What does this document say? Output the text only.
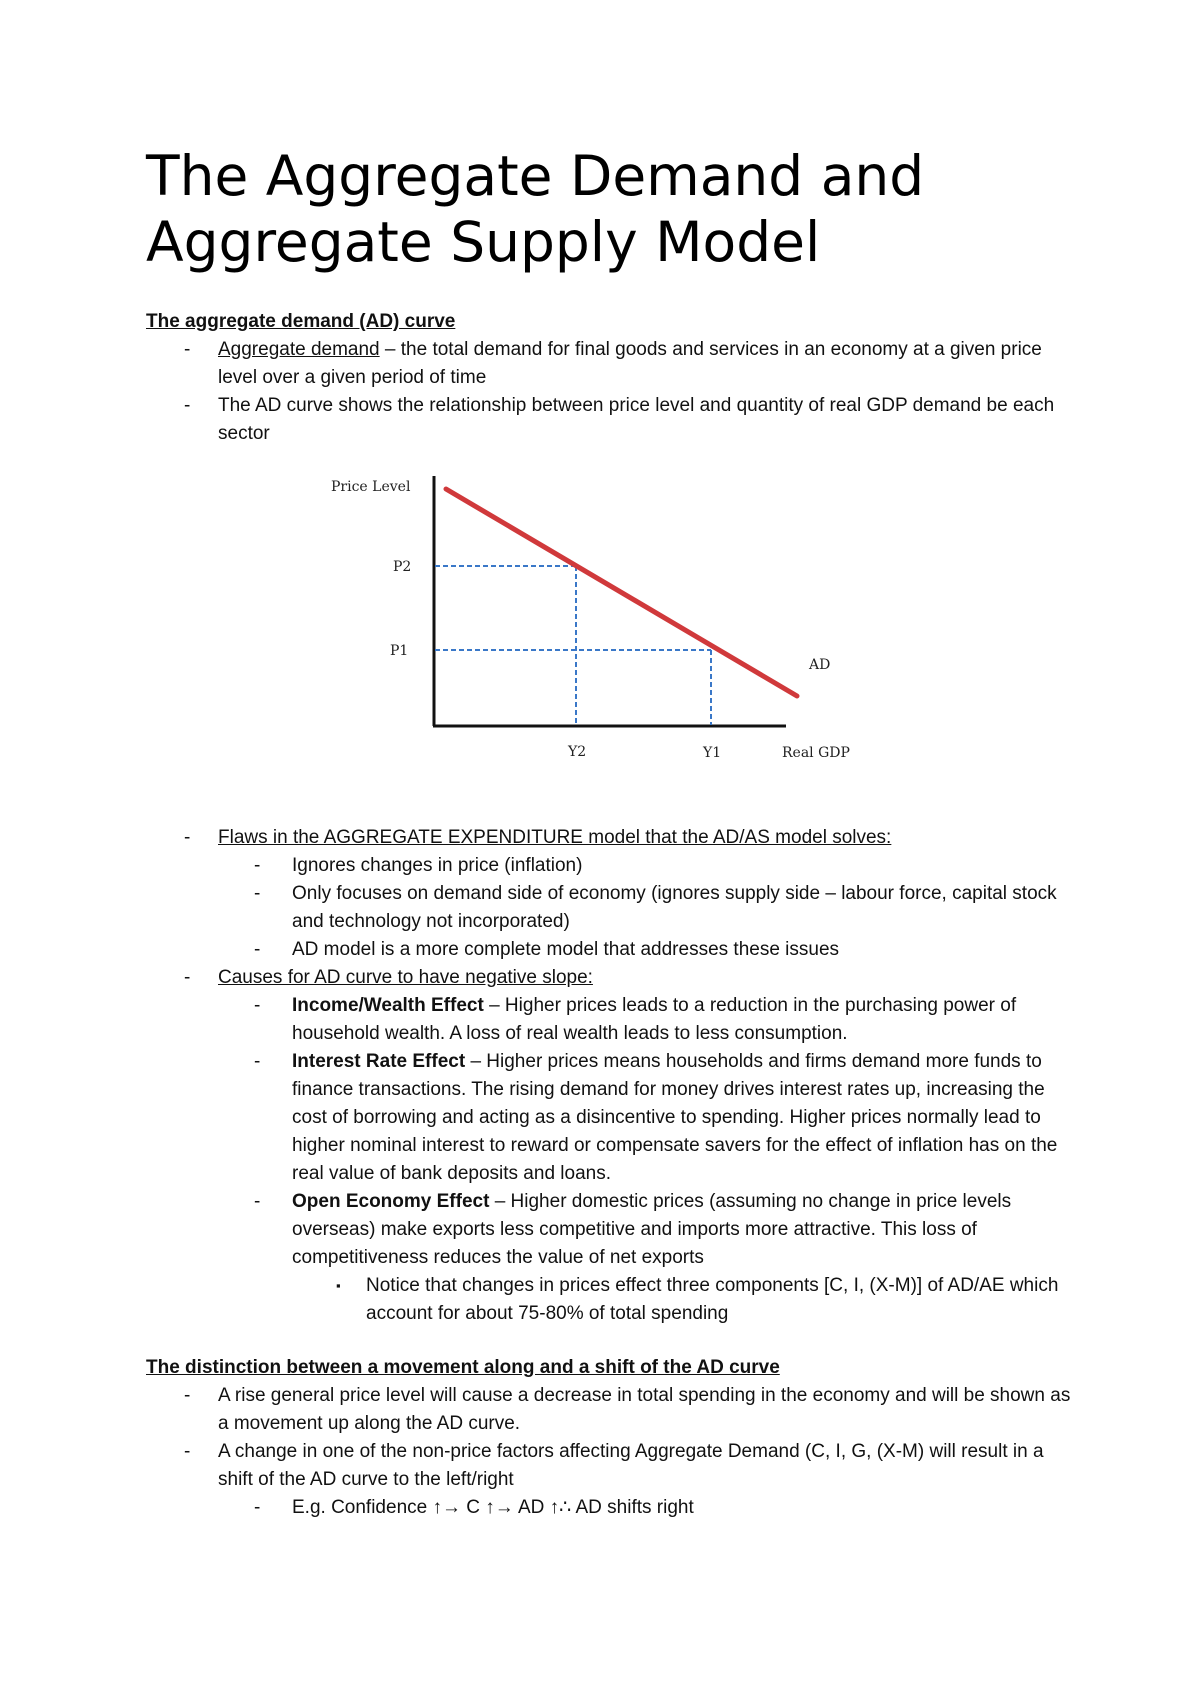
The Aggregate Demand and Aggregate Supply Model

The aggregate demand (AD) curve

- Aggregate demand – the total demand for final goods and services in an economy at a given price level over a given period of time

- The AD curve shows the relationship between price level and quantity of real GDP demand be each sector

Price Level
P2
P1
AD
Y2	Y1	Real GDP

- Flaws in the AGGREGATE EXPENDITURE model that the AD/AS model solves:

- Ignores changes in price (inflation)

- Only focuses on demand side of economy (ignores supply side – labour force, capital stock and technology not incorporated)

- AD model is a more complete model that addresses these issues

- Causes for AD curve to have negative slope:

- Income/Wealth Effect – Higher prices leads to a reduction in the purchasing power of household wealth. A loss of real wealth leads to less consumption.

- Interest Rate Effect – Higher prices means households and firms demand more funds to finance transactions. The rising demand for money drives interest rates up, increasing the cost of borrowing and acting as a disincentive to spending. Higher prices normally lead to higher nominal interest to reward or compensate savers for the effect of inflation has on the real value of bank deposits and loans.

- Open Economy Effect – Higher domestic prices (assuming no change in price levels overseas) make exports less competitive and imports more attractive. This loss of competitiveness reduces the value of net exports

▪ Notice that changes in prices effect three components [C, I, (X-M)] of AD/AE which account for about 75-80% of total spending

The distinction between a movement along and a shift of the AD curve

- A rise general price level will cause a decrease in total spending in the economy and will be shown as a movement up along the AD curve.

- A change in one of the non-price factors affecting Aggregate Demand (C, I, G, (X-M) will result in a shift of the AD curve to the left/right

- E.g. Confidence ↑→ C ↑→ AD ↑∴ AD shifts right
